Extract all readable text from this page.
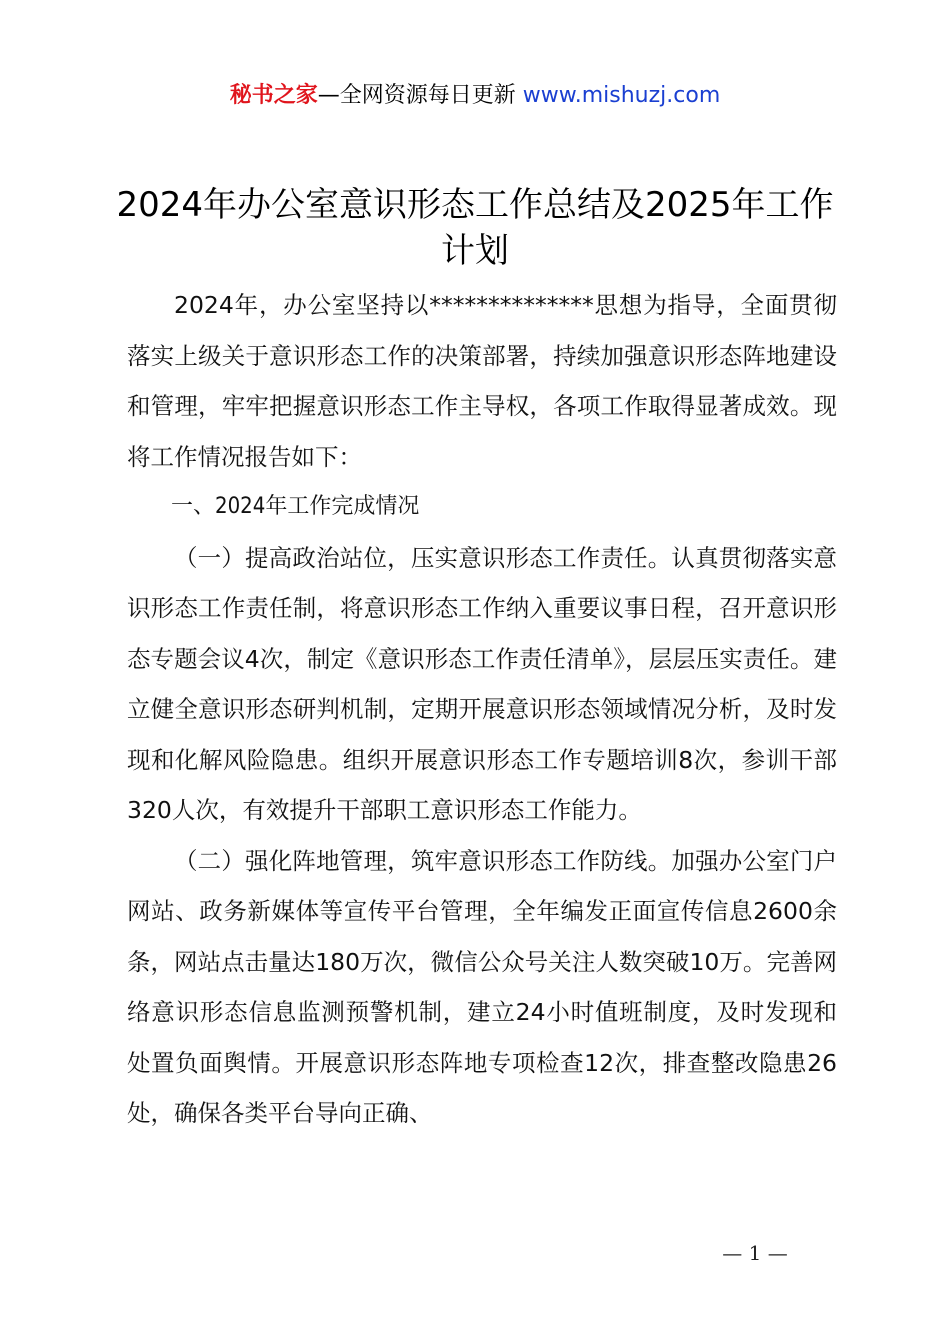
秘书之家—全网资源每日更新 www.mishuzj.com
2024年办公室意识形态工作总结及2025年工作计划

2024年，办公室坚持以**************思想为指导，全面贯彻落实上级关于意识形态工作的决策部署，持续加强意识形态阵地建设和管理，牢牢把握意识形态工作主导权，各项工作取得显著成效。现将工作情况报告如下：

一、2024年工作完成情况

（一）提高政治站位，压实意识形态工作责任。认真贯彻落实意识形态工作责任制，将意识形态工作纳入重要议事日程，召开意识形态专题会议4次，制定《意识形态工作责任清单》，层层压实责任。建立健全意识形态研判机制，定期开展意识形态领域情况分析，及时发现和化解风险隐患。组织开展意识形态工作专题培训8次，参训干部320人次，有效提升干部职工意识形态工作能力。

（二）强化阵地管理，筑牢意识形态工作防线。加强办公室门户网站、政务新媒体等宣传平台管理，全年编发正面宣传信息2600余条，网站点击量达180万次，微信公众号关注人数突破10万。完善网络意识形态信息监测预警机制，建立24小时值班制度，及时发现和处置负面舆情。开展意识形态阵地专项检查12次，排查整改隐患26处，确保各类平台导向正确、

— 1 —
